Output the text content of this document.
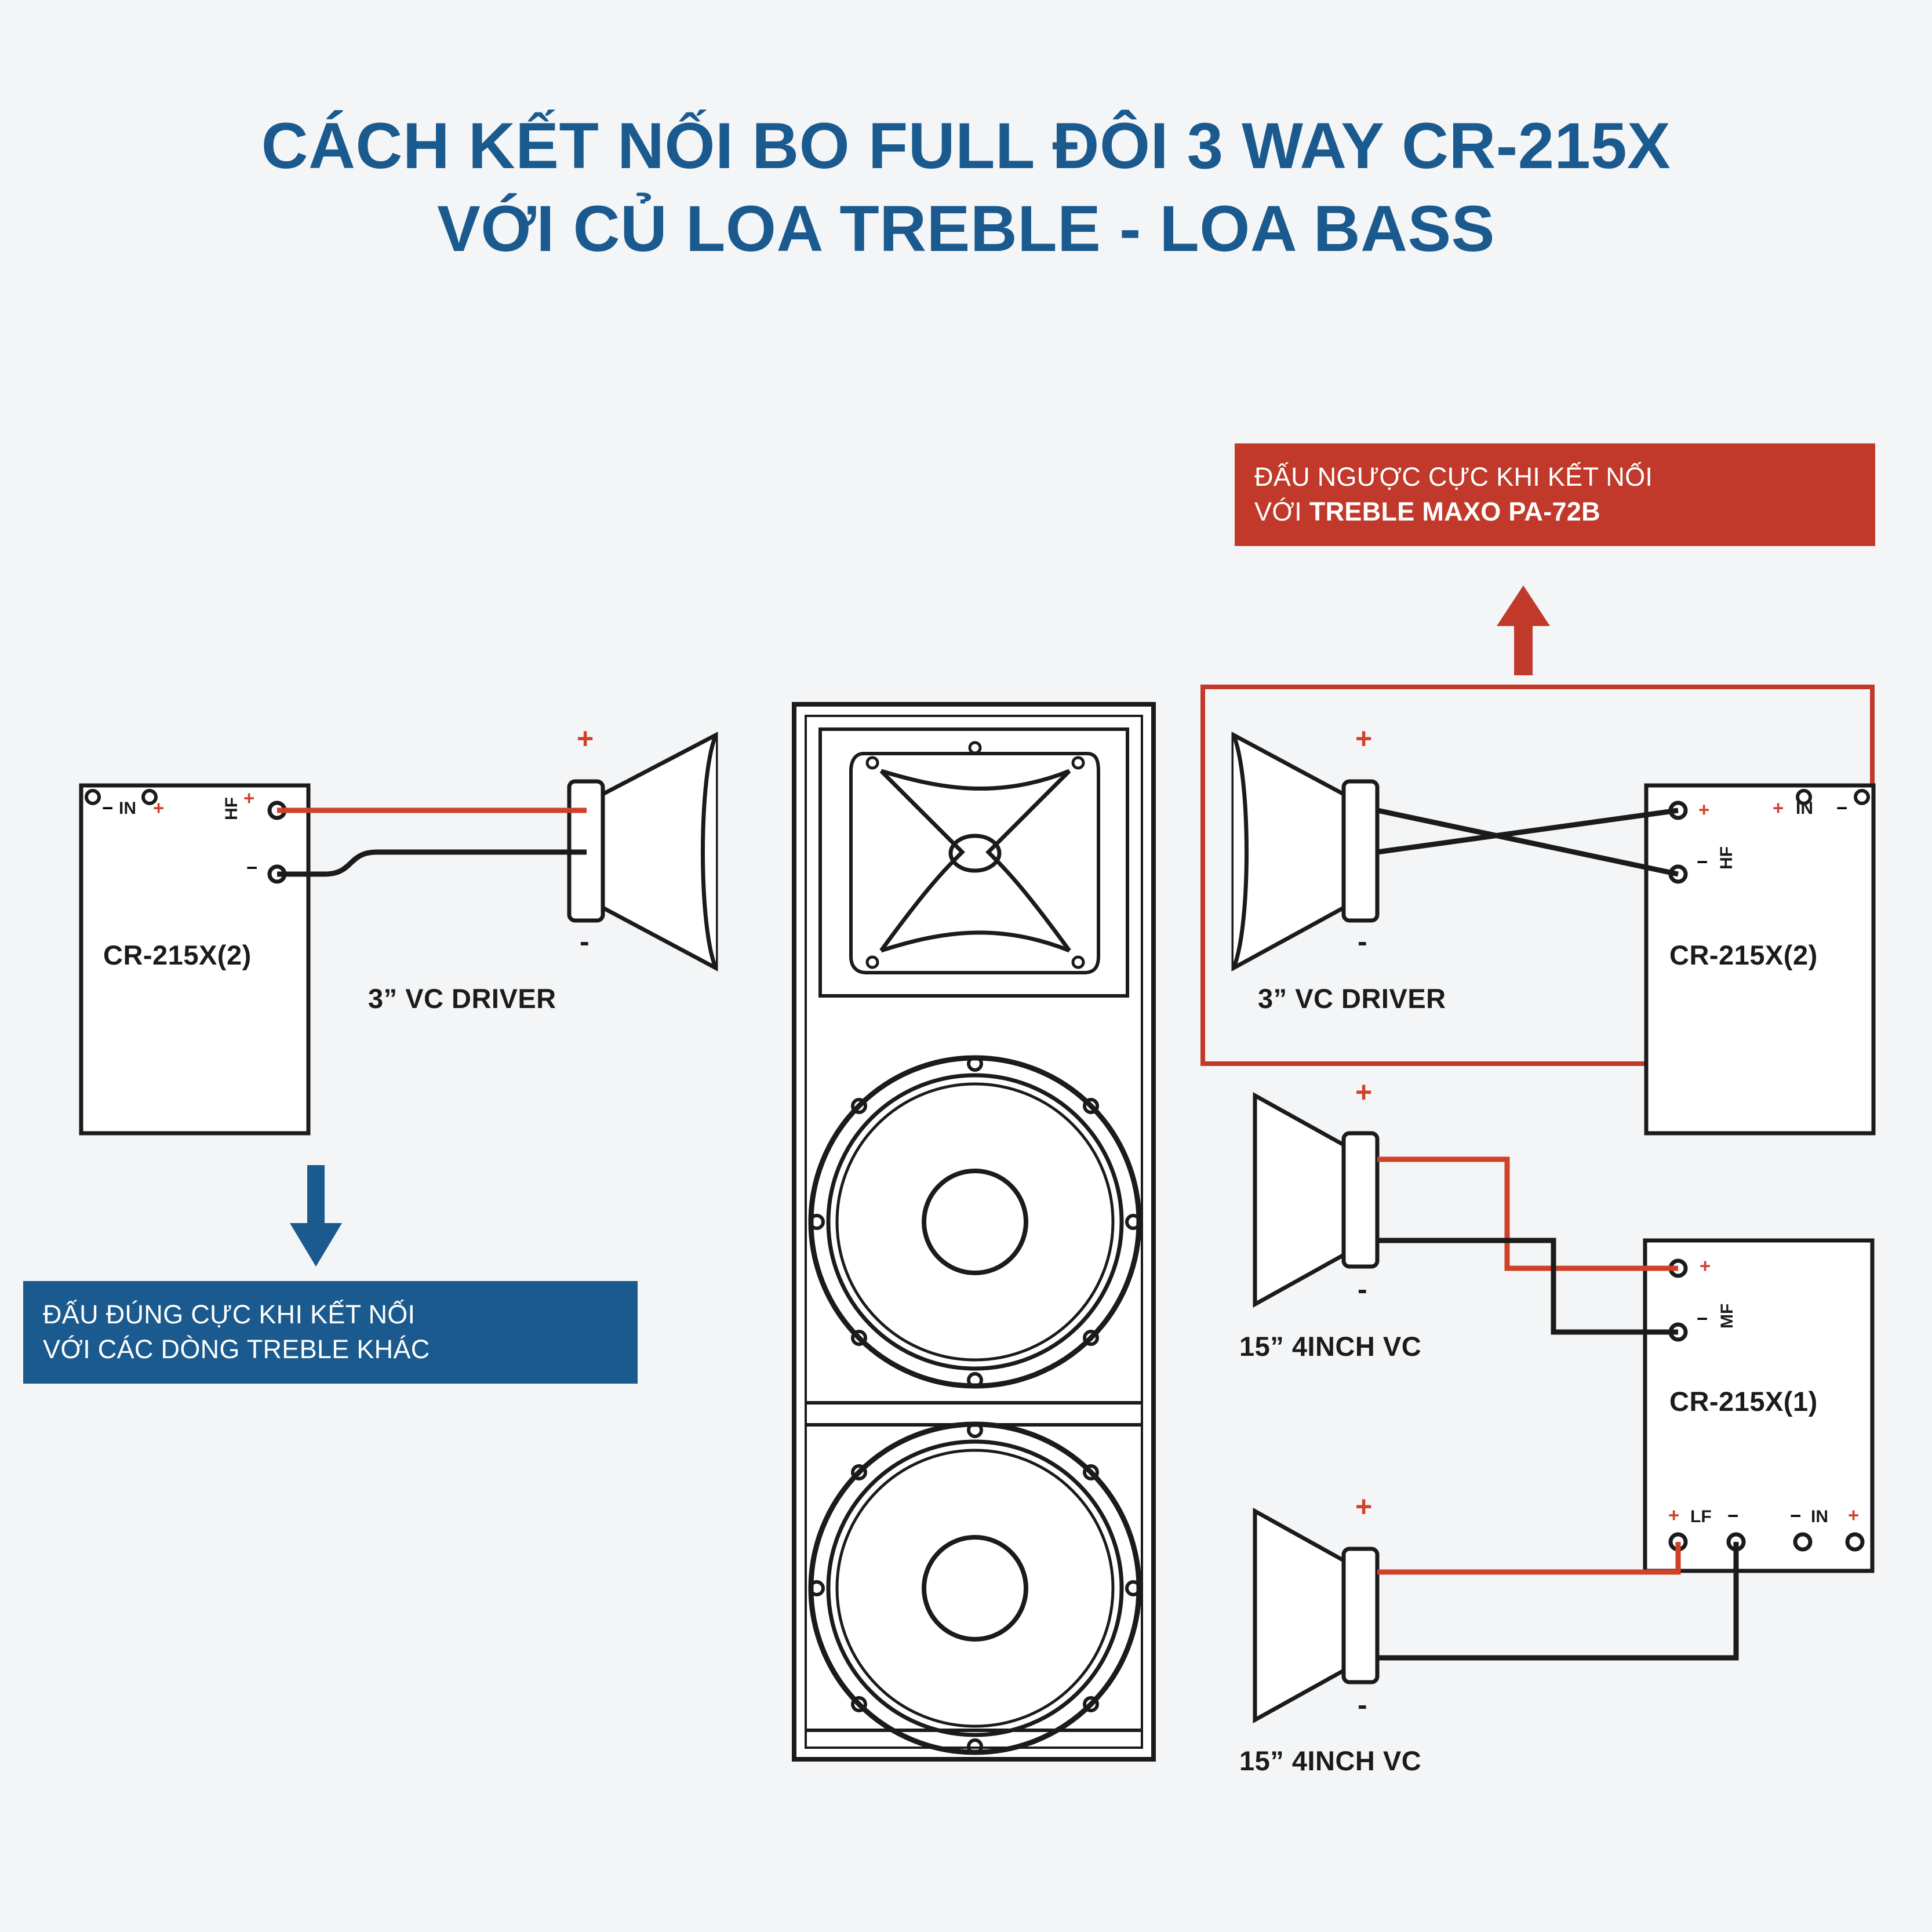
CÁCH KẾT NỐI BO FULL ĐÔI 3 WAY CR-215X
VỚI CỦ LOA TREBLE - LOA BASS
− IN +	+
HF
−
CR-215X(2)
3” VC DRIVER
+
-
+
-
3” VC DRIVER
+
− HF
+ IN −
CR-215X(2)
+
-
15” 4INCH VC
+
− MF
CR-215X(1)
+ LF −	− IN +
+
-
15” 4INCH VC
ĐẤU NGƯỢC CỰC KHI KẾT NỐI
VỚI TREBLE MAXO PA-72B
ĐẤU ĐÚNG CỰC KHI KẾT NỐI
VỚI CÁC DÒNG TREBLE KHÁC
